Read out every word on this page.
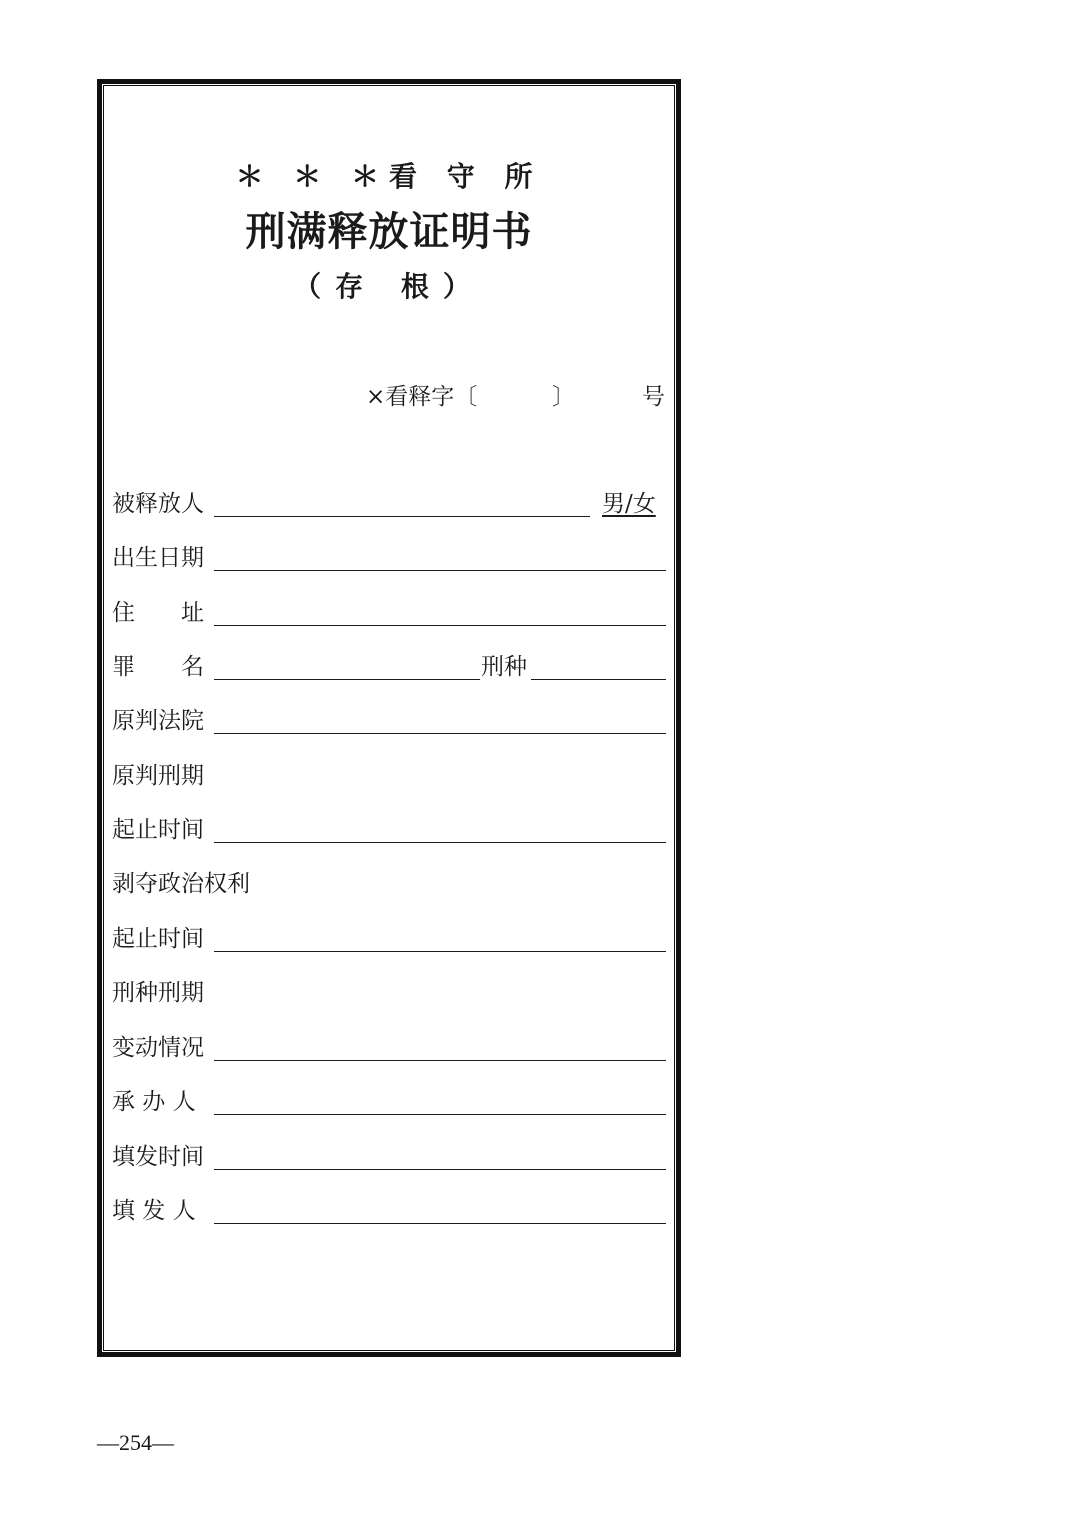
＊ ＊ ＊看 守 所
刑满释放证明书
（存 根）
×看释字〔	〕	号
被释放人	男/女
出生日期
住　　址
罪　　名	刑种
原判法院
原判刑期
起止时间
剥夺政治权利
起止时间
刑种刑期
变动情况
承 办 人
填发时间
填 发 人
—254—
